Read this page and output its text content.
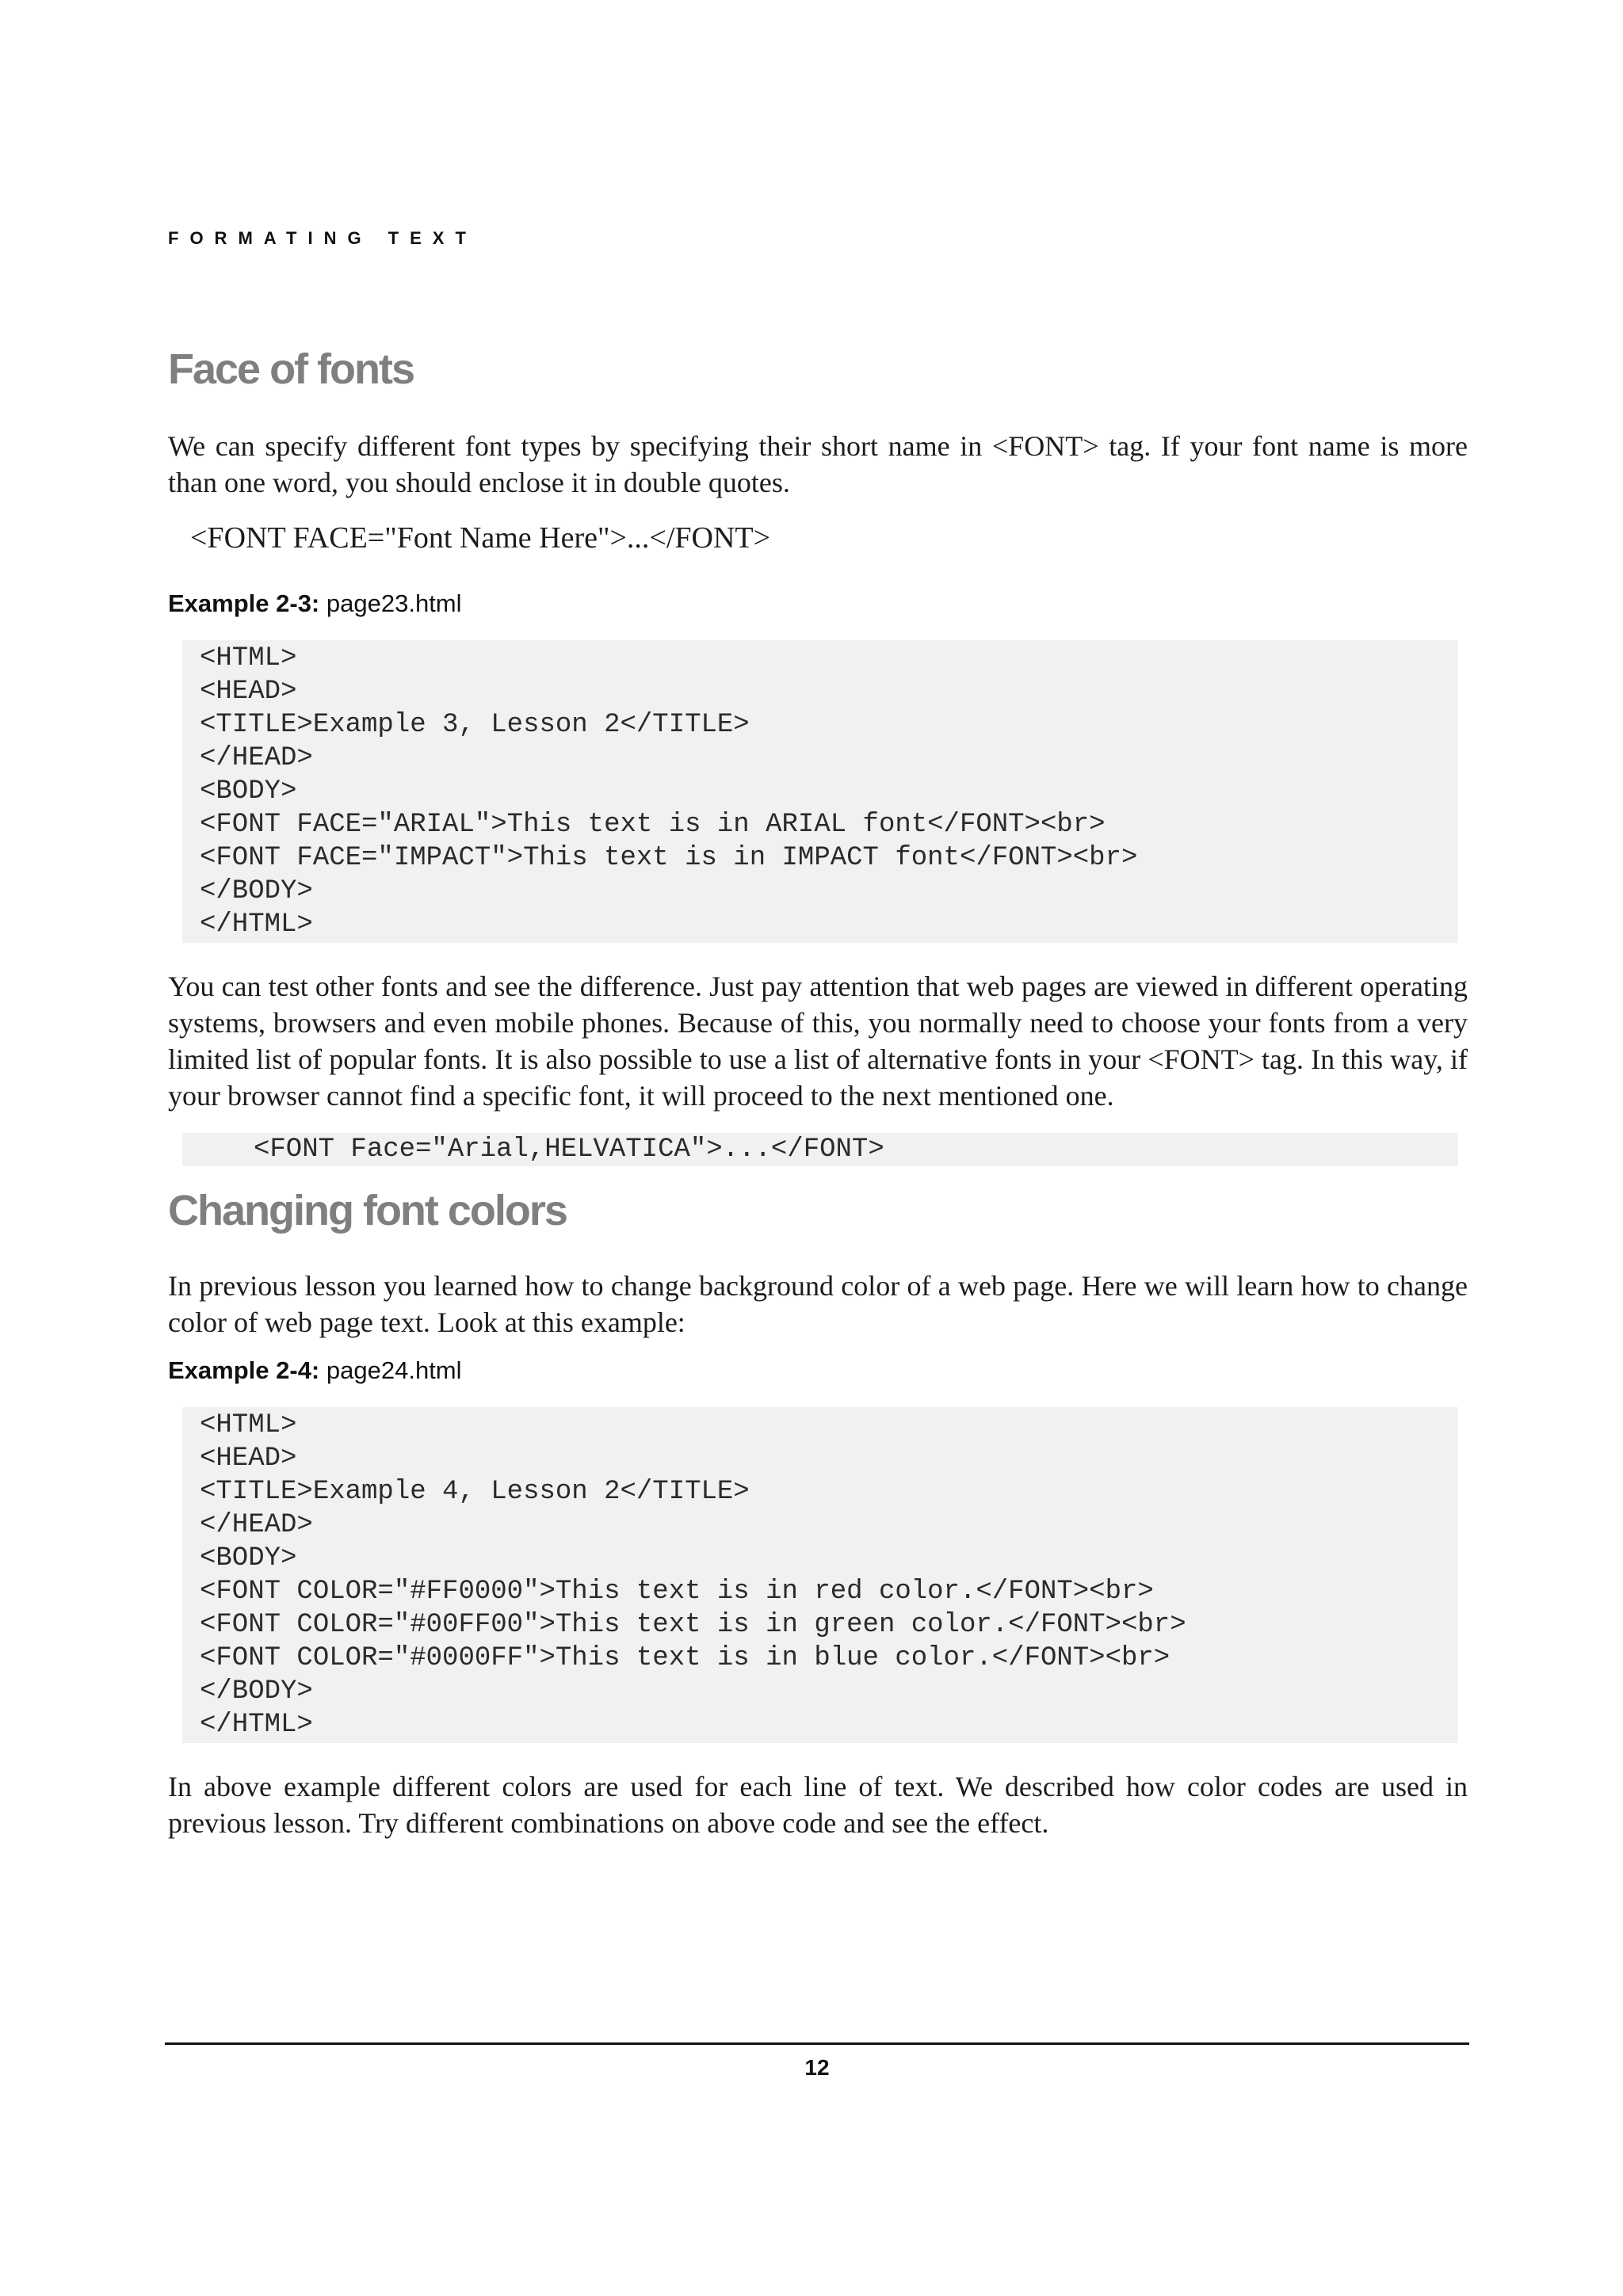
FORMATING TEXT
Face of fonts

We can specify different font types by specifying their short name in <FONT> tag. If your font name is more than one word, you should enclose it in double quotes.

<FONT FACE="Font Name Here">...</FONT>
Example 2-3: page23.html
<HTML>
<HEAD>
<TITLE>Example 3, Lesson 2</TITLE>
</HEAD>
<BODY>
<FONT FACE="ARIAL">This text is in ARIAL font</FONT><br>
<FONT FACE="IMPACT">This text is in IMPACT font</FONT><br>
</BODY>
</HTML>

You can test other fonts and see the difference. Just pay attention that web pages are viewed in different operating systems, browsers and even mobile phones. Because of this, you normally need to choose your fonts from a very limited list of popular fonts. It is also possible to use a list of alternative fonts in your <FONT> tag. In this way, if your browser cannot find a specific font, it will proceed to the next mentioned one.

<FONT Face="Arial,HELVATICA">...</FONT>
Changing font colors

In previous lesson you learned how to change background color of a web page. Here we will learn how to change color of web page text. Look at this example:

Example 2-4: page24.html
<HTML>
<HEAD>
<TITLE>Example 4, Lesson 2</TITLE>
</HEAD>
<BODY>
<FONT COLOR="#FF0000">This text is in red color.</FONT><br>
<FONT COLOR="#00FF00">This text is in green color.</FONT><br>
<FONT COLOR="#0000FF">This text is in blue color.</FONT><br>
</BODY>
</HTML>

In above example different colors are used for each line of text. We described how color codes are used in previous lesson. Try different combinations on above code and see the effect.

12
